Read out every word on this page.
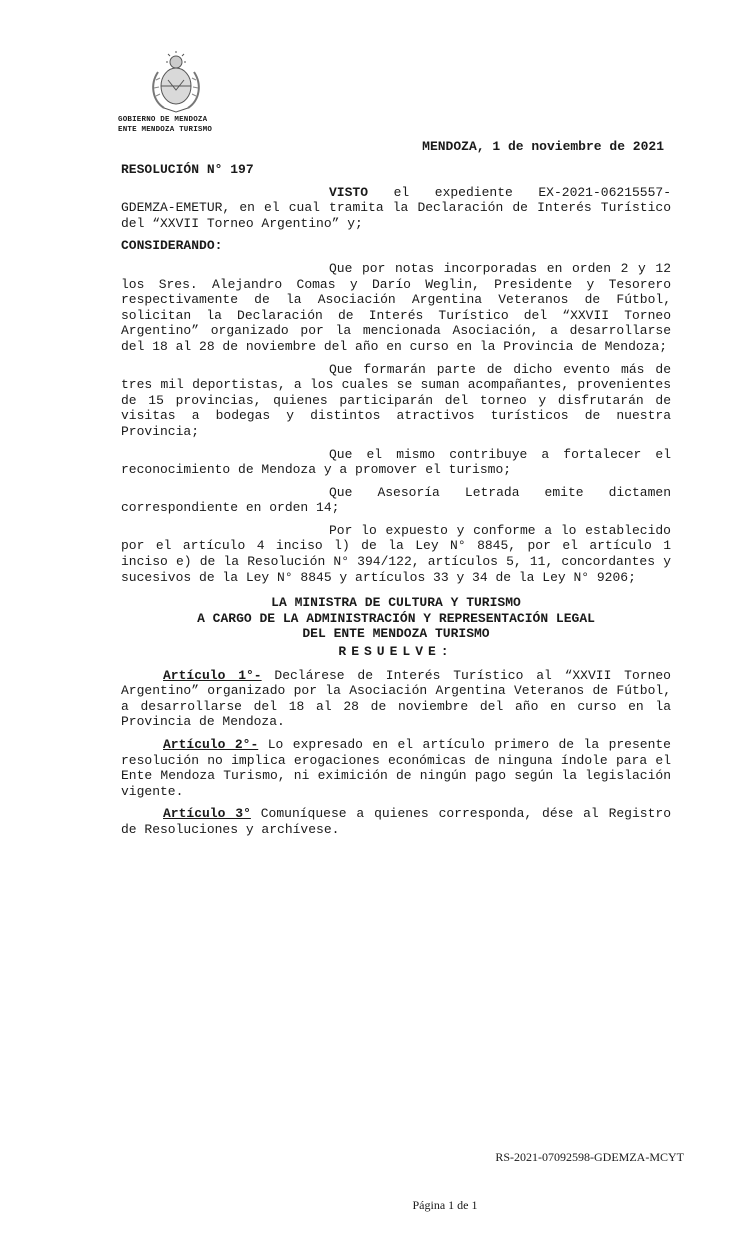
GOBIERNO DE MENDOZA
ENTE MENDOZA TURISMO
MENDOZA, 1 de noviembre de 2021

RESOLUCIÓN N° 197

VISTO el expediente EX-2021-06215557-GDEMZA-EMETUR, en el cual tramita la Declaración de Interés Turístico del “XXVII Torneo Argentino” y;

CONSIDERANDO:

Que por notas incorporadas en orden 2 y 12 los Sres. Alejandro Comas y Darío Weglin, Presidente y Tesorero respectivamente de la Asociación Argentina Veteranos de Fútbol, solicitan la Declaración de Interés Turístico del “XXVII Torneo Argentino” organizado por la mencionada Asociación, a desarrollarse del 18 al 28 de noviembre del año en curso en la Provincia de Mendoza;

Que formarán parte de dicho evento más de tres mil deportistas, a los cuales se suman acompañantes, provenientes de 15 provincias, quienes participarán del torneo y disfrutarán de visitas a bodegas y distintos atractivos turísticos de nuestra Provincia;

Que el mismo contribuye a fortalecer el reconocimiento de Mendoza y a promover el turismo;

Que Asesoría Letrada emite dictamen correspondiente en orden 14;

Por lo expuesto y conforme a lo establecido por el artículo 4 inciso l) de la Ley N° 8845, por el artículo 1 inciso e) de la Resolución N° 394/122, artículos 5, 11, concordantes y sucesivos de la Ley N° 8845 y artículos 33 y 34 de la Ley N° 9206;

LA MINISTRA DE CULTURA Y TURISMO
A CARGO DE LA ADMINISTRACIÓN Y REPRESENTACIÓN LEGAL
DEL ENTE MENDOZA TURISMO

RESUELVE:

Artículo 1°- Declárese de Interés Turístico al “XXVII Torneo Argentino” organizado por la Asociación Argentina Veteranos de Fútbol, a desarrollarse del 18 al 28 de noviembre del año en curso en la Provincia de Mendoza.

Artículo 2°- Lo expresado en el artículo primero de la presente resolución no implica erogaciones económicas de ninguna índole para el Ente Mendoza Turismo, ni eximición de ningún pago según la legislación vigente.

Artículo 3° Comuníquese a quienes corresponda, dése al Registro de Resoluciones y archívese.

RS-2021-07092598-GDEMZA-MCYT
Página 1 de 1
